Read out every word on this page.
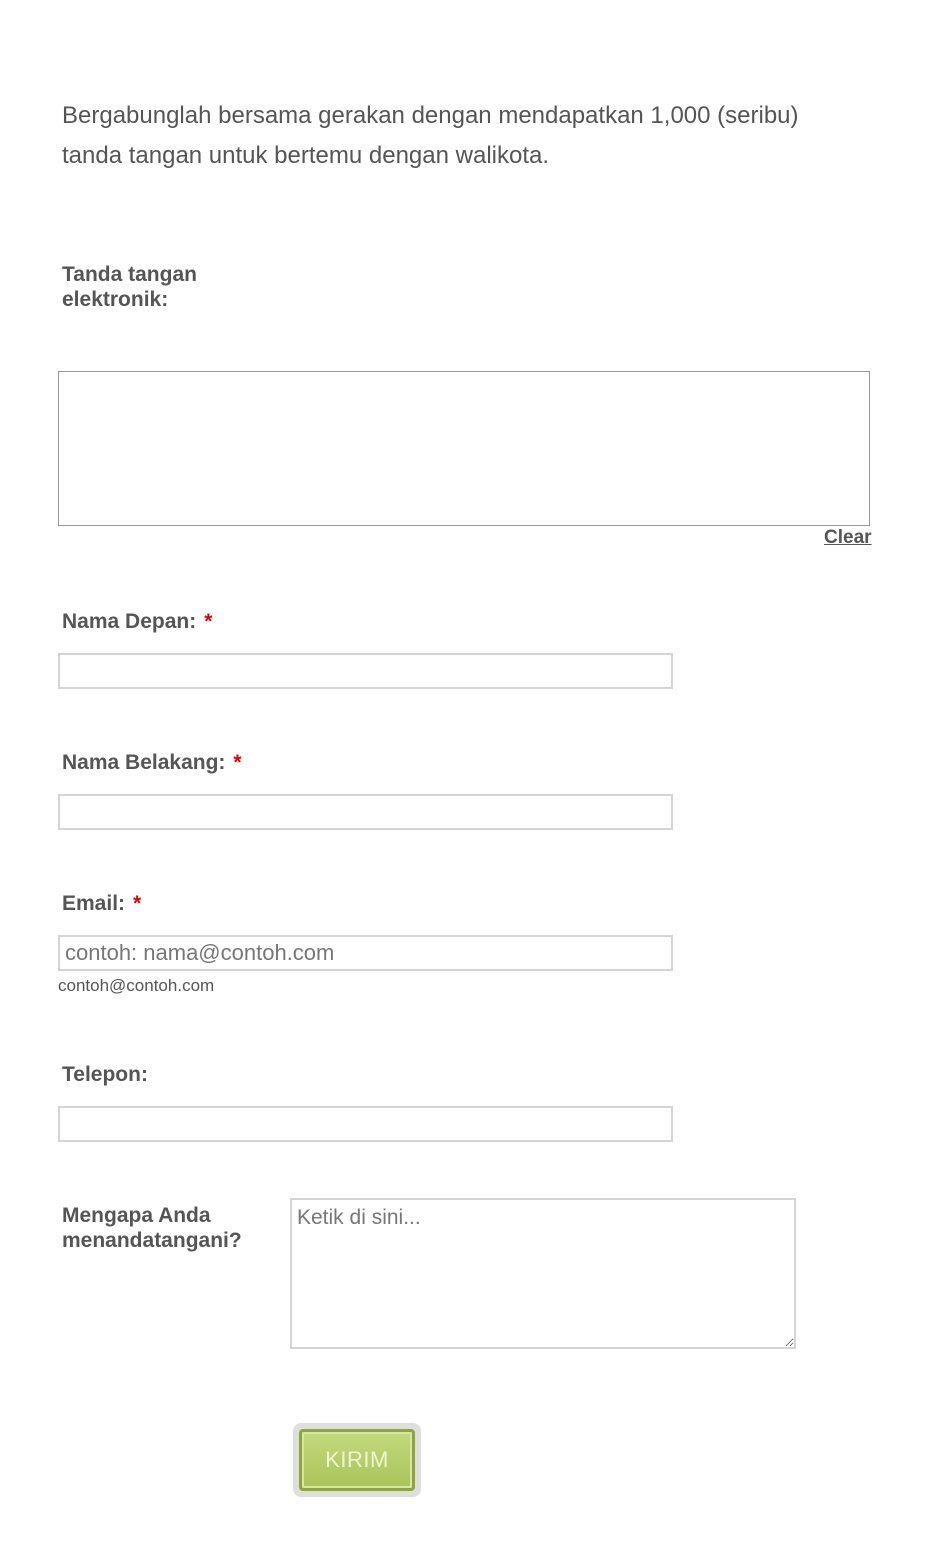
Bergabunglah bersama gerakan dengan mendapatkan 1,000 (seribu) tanda tangan untuk bertemu dengan walikota.

Tanda tangan elektronik:
Clear
Nama Depan: *
Nama Belakang: *
Email: *
contoh: nama@contoh.com
contoh@contoh.com
Telepon:
Mengapa Anda menandatangani?
Ketik di sini...
KIRIM
